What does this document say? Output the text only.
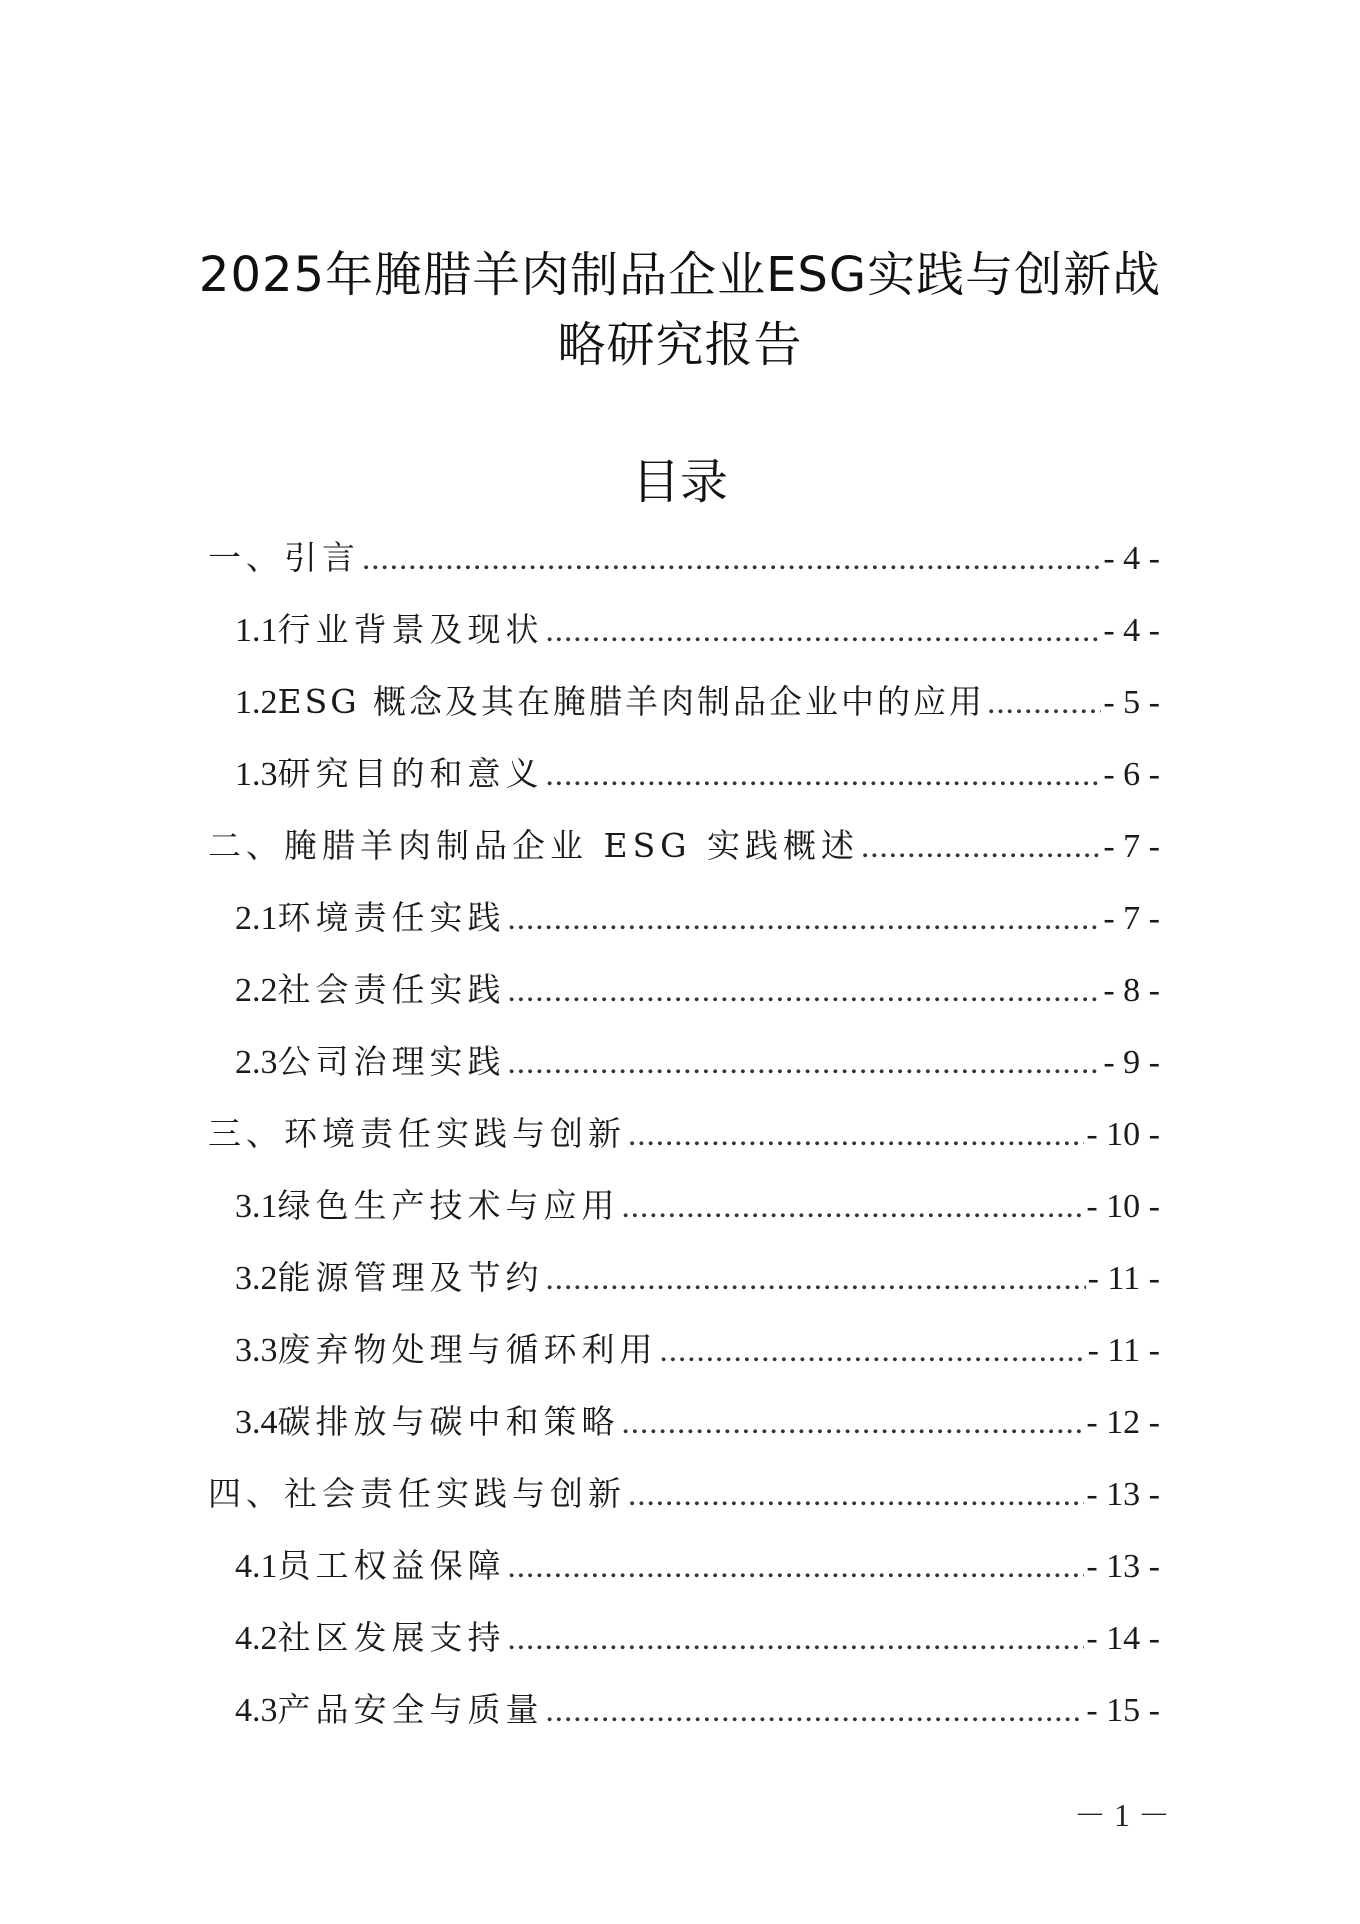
2025年腌腊羊肉制品企业ESG实践与创新战
略研究报告
目录
一、引言 .....	- 4 -
1.1 行业背景及现状 .....	- 4 -
1.2 ESG 概念及其在腌腊羊肉制品企业中的应用 .....	- 5 -
1.3 研究目的和意义 .....	- 6 -
二、腌腊羊肉制品企业 ESG 实践概述 .....	- 7 -
2.1 环境责任实践 .....	- 7 -
2.2 社会责任实践 .....	- 8 -
2.3 公司治理实践 .....	- 9 -
三、环境责任实践与创新 .....	- 10 -
3.1 绿色生产技术与应用 .....	- 10 -
3.2 能源管理及节约 .....	- 11 -
3.3 废弃物处理与循环利用 .....	- 11 -
3.4 碳排放与碳中和策略 .....	- 12 -
四、社会责任实践与创新 .....	- 13 -
4.1 员工权益保障 .....	- 13 -
4.2 社区发展支持 .....	- 14 -
4.3 产品安全与质量 .....	- 15 -
－ 1 －
